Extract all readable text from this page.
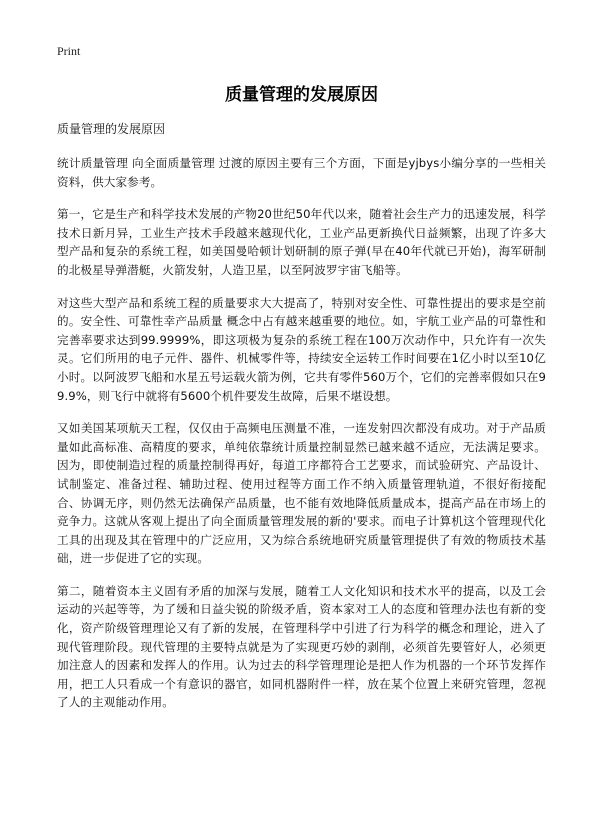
Print
质量管理的发展原因
质量管理的发展原因

统计质量管理 向全面质量管理 过渡的原因主要有三个方面，下面是yjbys小编分享的一些相关资料，供大家参考。

第一，它是生产和科学技术发展的产物20世纪50年代以来，随着社会生产力的迅速发展，科学技术日新月异，工业生产技术手段越来越现代化，工业产品更新换代日益频繁，出现了许多大型产品和复杂的系统工程，如美国曼哈顿计划研制的原子弹(早在40年代就已开始)，海军研制的北极星导弹潜艇，火箭发射，人造卫星，以至阿波罗宇宙飞船等。

对这些大型产品和系统工程的质量要求大大提高了，特别对安全性、可靠性提出的要求是空前的。安全性、可靠性幸产品质量 概念中占有越来越重要的地位。如，宇航工业产品的可靠性和完善率要求达到99.9999%，即这项极为复杂的系统工程在100万次动作中，只允许有一次失灵。它们所用的电子元件、器件、机械零件等，持续安全运转工作时间要在1亿小时以至10亿小时。以阿波罗飞船和水星五号运载火箭为例，它共有零件560万个，它们的完善率假如只在99.9%，则飞行中就将有5600个机件要发生故障，后果不堪设想。

又如美国某项航天工程，仅仅由于高频电压测量不准，一连发射四次都没有成功。对于产品质量如此高标准、高精度的要求，单纯依靠统计质量控制显然已越来越不适应，无法满足要求。因为，即使制造过程的质量控制得再好，每道工序都符合工艺要求，而试验研究、产品设计、试制鉴定、准备过程、辅助过程、使用过程等方面工作不纳入质量管理轨道，不很好衔接配合、协调无序，则仍然无法确保产品质量，也不能有效地降低质量成本，提高产品在市场上的竞争力。这就从客观上提出了向全面质量管理发展的新的'要求。而电子计算机这个管理现代化工具的出现及其在管理中的广泛应用，又为综合系统地研究质量管理提供了有效的物质技术基础，进一步促进了它的实现。

第二，随着资本主义固有矛盾的加深与发展，随着工人文化知识和技术水平的提高，以及工会运动的兴起等等，为了缓和日益尖锐的阶级矛盾，资本家对工人的态度和管理办法也有新的变化，资产阶级管理理论又有了新的发展，在管理科学中引进了行为科学的概念和理论，进入了现代管理阶段。现代管理的主要特点就是为了实现更巧妙的剥削，必须首先要管好人，必须更加注意人的因素和发挥人的作用。认为过去的科学管理理论是把人作为机器的一个环节发挥作用，把工人只看成一个有意识的器官，如同机器附件一样，放在某个位置上来研究管理，忽视了人的主观能动作用。
